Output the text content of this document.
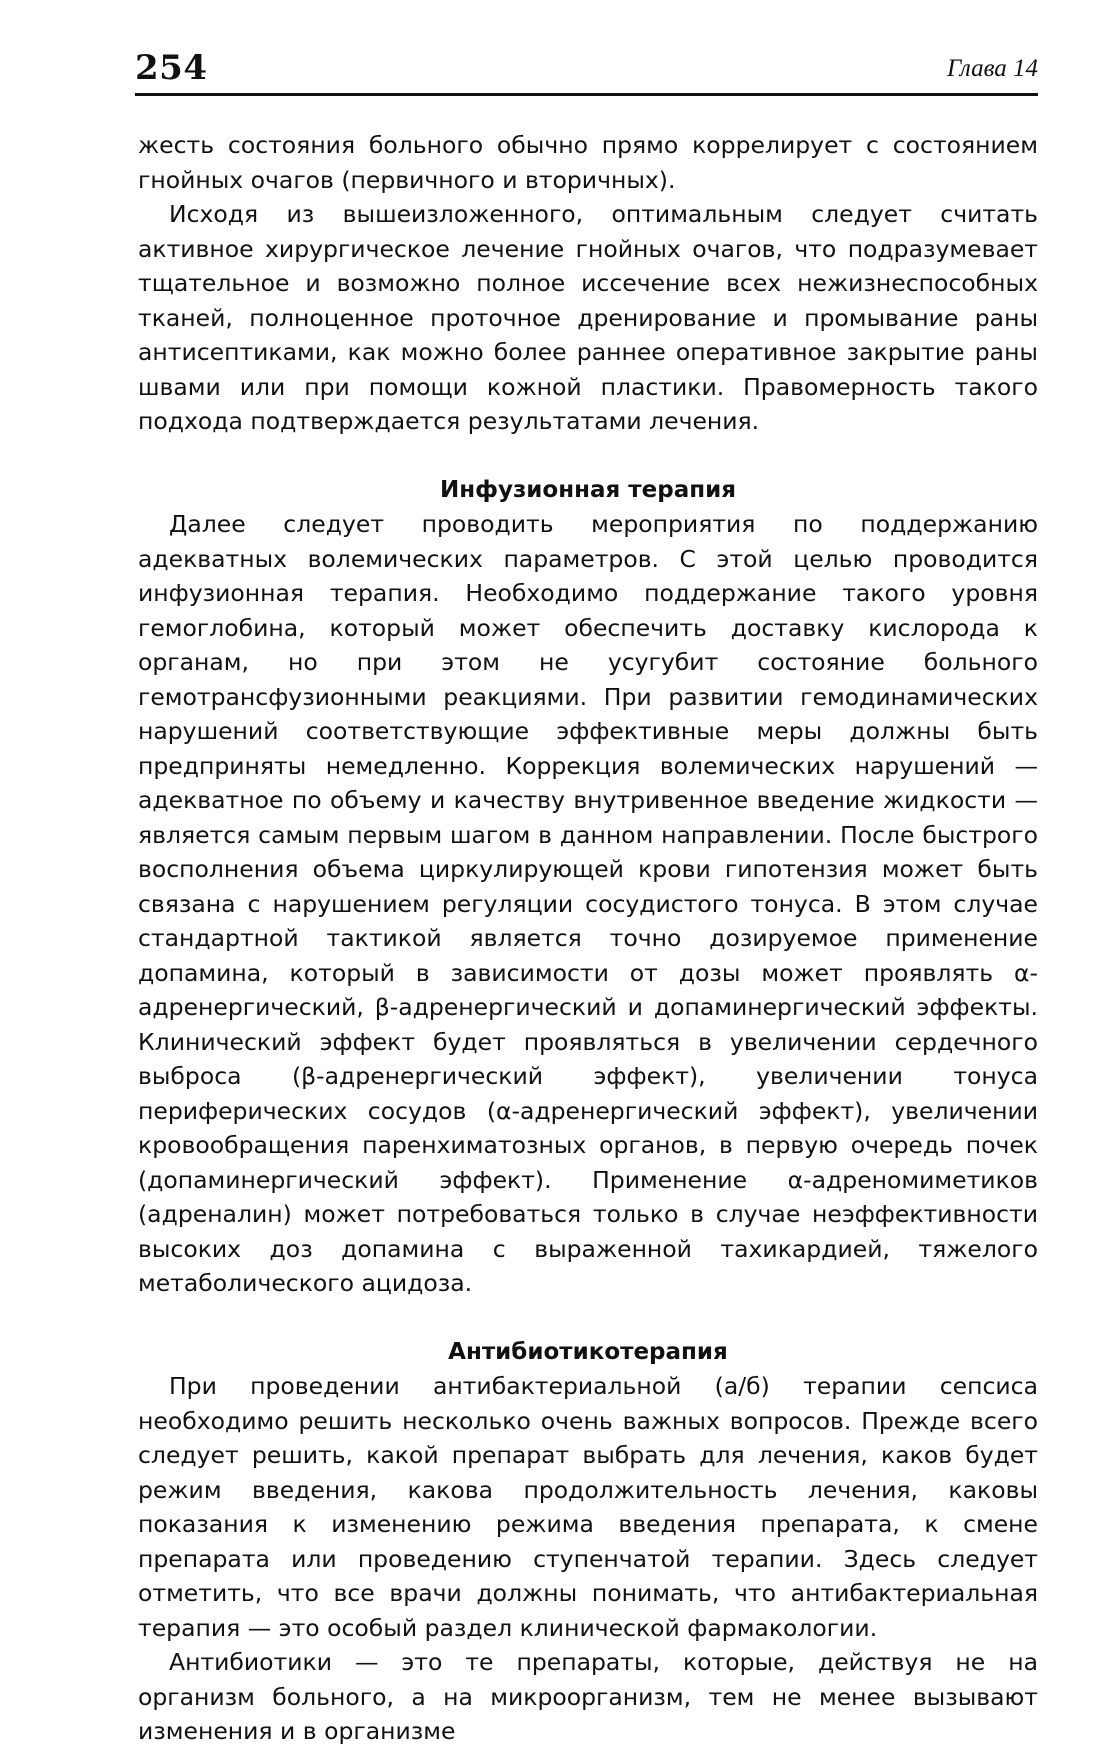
254	Глава 14

жесть состояния больного обычно прямо коррелирует с состоянием гнойных очагов (первичного и вторичных).

Исходя из вышеизложенного, оптимальным следует считать активное хирургическое лечение гнойных очагов, что подразумевает тщательное и возможно полное иссечение всех нежизнеспособных тканей, полноценное проточное дренирование и промывание раны антисептиками, как можно более раннее оперативное закрытие раны швами или при помощи кожной пластики. Правомерность такого подхода подтверждается результатами лечения.

Инфузионная терапия

Далее следует проводить мероприятия по поддержанию адекватных волемических параметров. С этой целью проводится инфузионная терапия. Необходимо поддержание такого уровня гемоглобина, который может обеспечить доставку кислорода к органам, но при этом не усугубит состояние больного гемотрансфузионными реакциями. При развитии гемодинамических нарушений соответствующие эффективные меры должны быть предприняты немедленно. Коррекция волемических нарушений — адекватное по объему и качеству внутривенное введение жидкости — является самым первым шагом в данном направлении. После быстрого восполнения объема циркулирующей крови гипотензия может быть связана с нарушением регуляции сосудистого тонуса. В этом случае стандартной тактикой является точно дозируемое применение допамина, который в зависимости от дозы может проявлять α-адренергический, β-адренергический и допаминергический эффекты. Клинический эффект будет проявляться в увеличении сердечного выброса (β-адренергический эффект), увеличении тонуса периферических сосудов (α-адренергический эффект), увеличении кровообращения паренхиматозных органов, в первую очередь почек (допаминергический эффект). Применение α-адреномиметиков (адреналин) может потребоваться только в случае неэффективности высоких доз допамина с выраженной тахикардией, тяжелого метаболического ацидоза.

Антибиотикотерапия

При проведении антибактериальной (а/б) терапии сепсиса необходимо решить несколько очень важных вопросов. Прежде всего следует решить, какой препарат выбрать для лечения, каков будет режим введения, какова продолжительность лечения, каковы показания к изменению режима введения препарата, к смене препарата или проведению ступенчатой терапии. Здесь следует отметить, что все врачи должны понимать, что антибактериальная терапия — это особый раздел клинической фармакологии.

Антибиотики — это те препараты, которые, действуя не на организм больного, а на микроорганизм, тем не менее вызывают изменения и в организме
